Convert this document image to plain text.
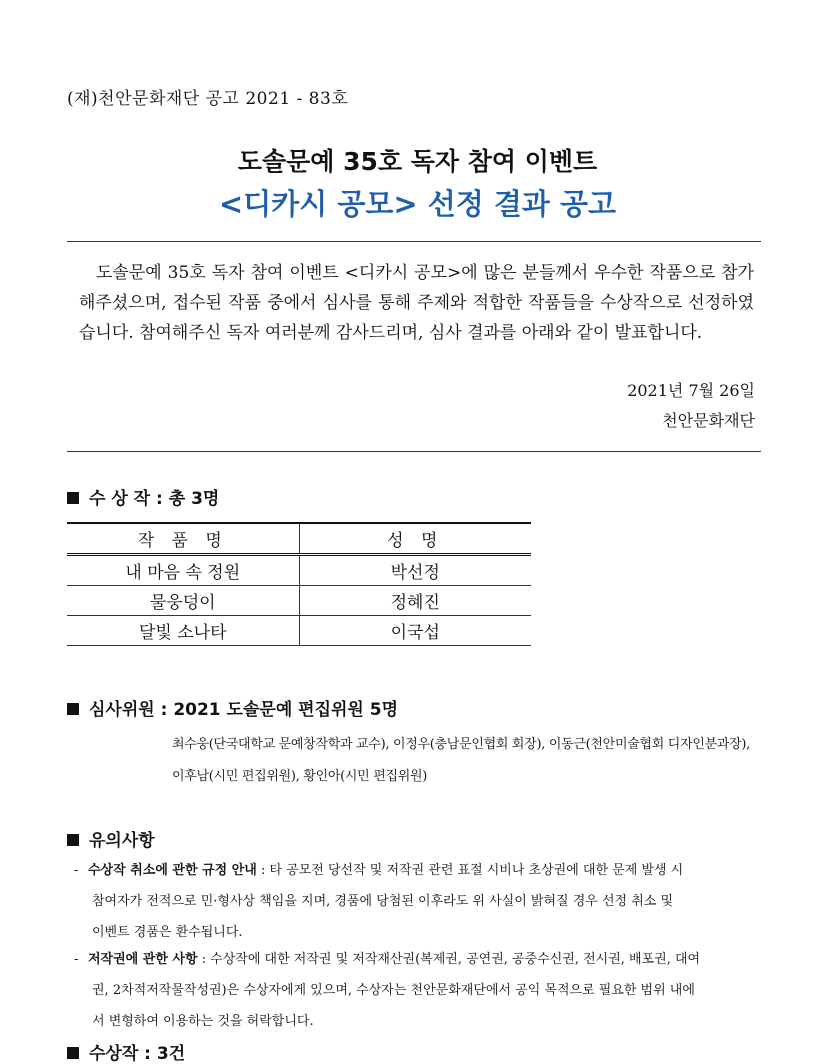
(재)천안문화재단 공고 2021 - 83호
도솔문예 35호 독자 참여 이벤트
<디카시 공모> 선정 결과 공고
도솔문예 35호 독자 참여 이벤트 <디카시 공모>에 많은 분들께서 우수한 작품으로 참가해주셨으며, 접수된 작품 중에서 심사를 통해 주제와 적합한 작품들을 수상작으로 선정하였습니다. 참여해주신 독자 여러분께 감사드리며, 심사 결과를 아래와 같이 발표합니다.
2021년 7월 26일
천안문화재단
수 상 작 : 총 3명
작 품 명	성 명
내 마음 속 정원	박선정
물웅덩이	정혜진
달빛 소나타	이국섭
심사위원 : 2021 도솔문예 편집위원 5명
최수웅(단국대학교 문예창작학과 교수), 이정우(충남문인협회 회장), 이동근(천안미술협회 디자인분과장),
이후남(시민 편집위원), 황인아(시민 편집위원)
유의사항
- 수상작 취소에 관한 규정 안내 : 타 공모전 당선작 및 저작권 관련 표절 시비나 초상권에 대한 문제 발생 시
참여자가 전적으로 민·형사상 책임을 지며, 경품에 당첨된 이후라도 위 사실이 밝혀질 경우 선정 취소 및
이벤트 경품은 환수됩니다.
- 저작권에 관한 사항 : 수상작에 대한 저작권 및 저작재산권(복제권, 공연권, 공중수신권, 전시권, 배포권, 대여
권, 2차적저작물작성권)은 수상자에게 있으며, 수상자는 천안문화재단에서 공익 목적으로 필요한 범위 내에
서 변형하여 이용하는 것을 허락합니다.
수상작 : 3건
